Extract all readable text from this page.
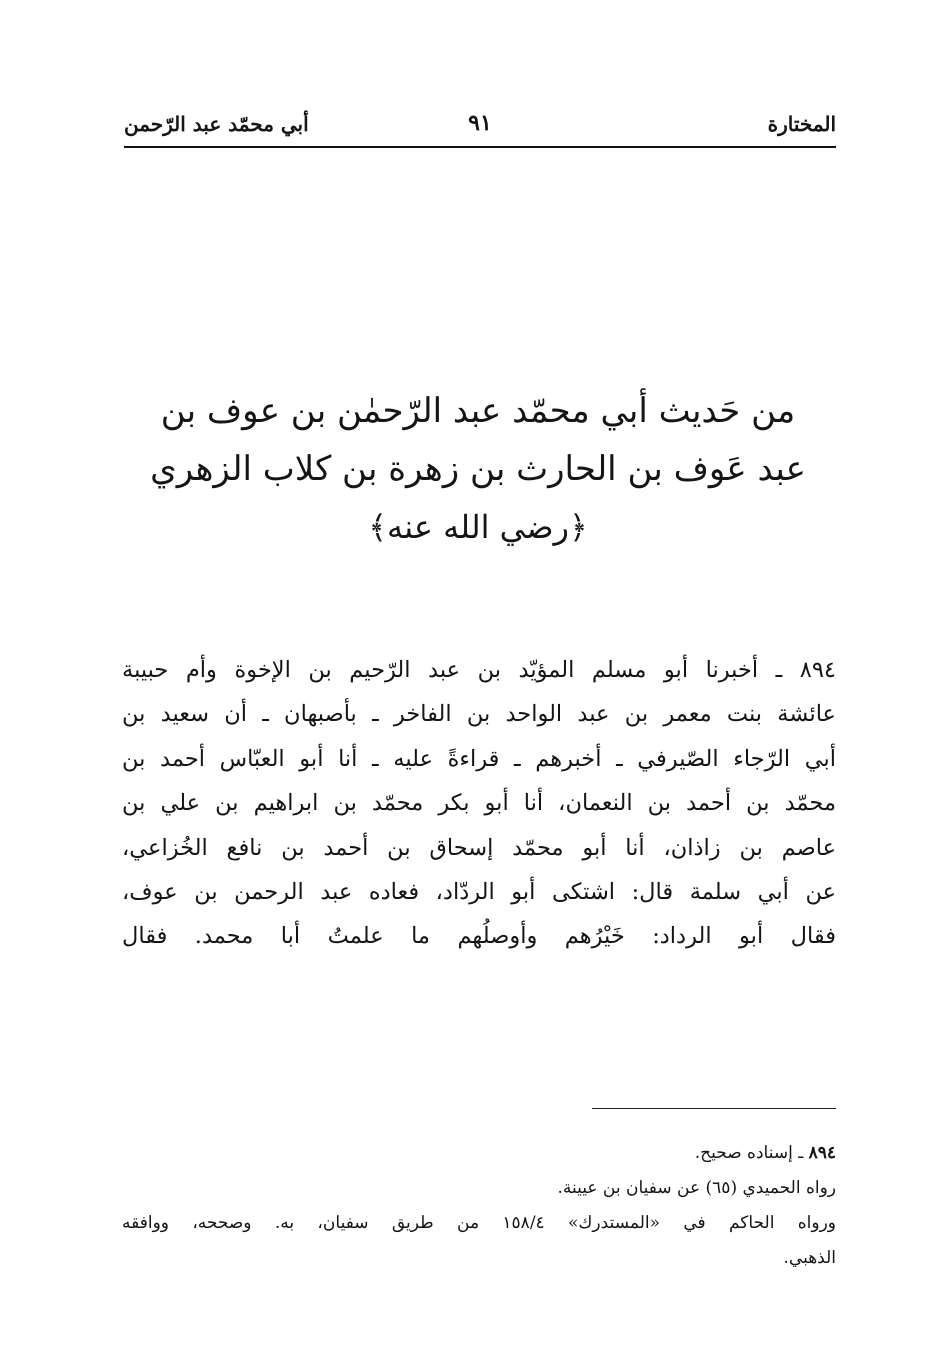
المختارة
٩١
أبي محمّد عبد الرّحمن
من حَديث أبي محمّد عبد الرّحمٰن بن عوف بن
عبد عَوف بن الحارث بن زهرة بن كلاب الزهري
﴿رضي الله عنه﴾
٨٩٤ ـ أخبرنا أبو مسلم المؤيّد بن عبد الرّحيم بن الإخوة وأم حبيبة
عائشة بنت معمر بن عبد الواحد بن الفاخر ـ بأصبهان ـ أن سعيد بن
أبي الرّجاء الصّيرفي ـ أخبرهم ـ قراءةً عليه ـ أنا أبو العبّاس أحمد بن
محمّد بن أحمد بن النعمان، أنا أبو بكر محمّد بن ابراهيم بن علي بن
عاصم بن زاذان، أنا أبو محمّد إسحاق بن أحمد بن نافع الخُزاعي،
عن أبي سلمة قال: اشتكى أبو الردّاد، فعاده عبد الرحمن بن عوف،
فقال أبو الرداد: خَيْرُهم وأوصلُهم ما علمتُ أبا محمد. فقال
٨٩٤ ـ إسناده صحيح.
رواه الحميدي (٦٥) عن سفيان بن عيينة.
ورواه الحاكم في «المستدرك» ١٥٨/٤ من طريق سفيان، به. وصححه، ووافقه
الذهبي.
